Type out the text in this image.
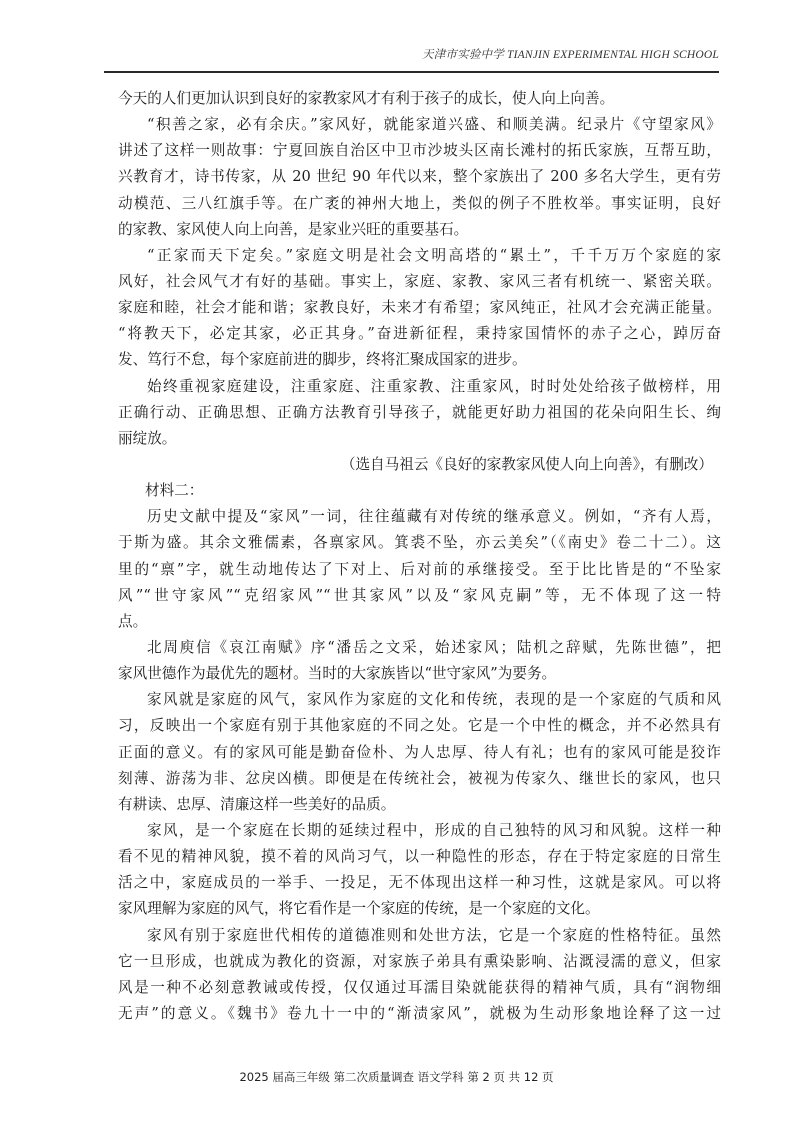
天津市实验中学 TIANJIN EXPERIMENTAL HIGH SCHOOL
今天的人们更加认识到良好的家教家风才有利于孩子的成长，使人向上向善。
“积善之家，必有余庆。”家风好，就能家道兴盛、和顺美满。纪录片《守望家风》
讲述了这样一则故事：宁夏回族自治区中卫市沙坡头区南长滩村的拓氏家族，互帮互助，
兴教育才，诗书传家，从 20 世纪 90 年代以来，整个家族出了 200 多名大学生，更有劳
动模范、三八红旗手等。在广袤的神州大地上，类似的例子不胜枚举。事实证明，良好
的家教、家风使人向上向善，是家业兴旺的重要基石。
“正家而天下定矣。”家庭文明是社会文明高塔的“累土”，千千万万个家庭的家
风好，社会风气才有好的基础。事实上，家庭、家教、家风三者有机统一、紧密关联。
家庭和睦，社会才能和谐；家教良好，未来才有希望；家风纯正，社风才会充满正能量。
“将教天下，必定其家，必正其身。”奋进新征程，秉持家国情怀的赤子之心，踔厉奋
发、笃行不怠，每个家庭前进的脚步，终将汇聚成国家的进步。
始终重视家庭建设，注重家庭、注重家教、注重家风，时时处处给孩子做榜样，用
正确行动、正确思想、正确方法教育引导孩子，就能更好助力祖国的花朵向阳生长、绚
丽绽放。
（选自马祖云《良好的家教家风使人向上向善》，有删改）
材料二：
历史文献中提及“家风”一词，往往蕴藏有对传统的继承意义。例如，“齐有人焉，
于斯为盛。其余文雅儒素，各禀家风。箕裘不坠，亦云美矣”（《南史》卷二十二）。这
里的“禀”字，就生动地传达了下对上、后对前的承继接受。至于比比皆是的“不坠家
风”“世守家风”“克绍家风”“世其家风”以及“家风克嗣”等，无不体现了这一特
点。
北周庾信《哀江南赋》序“潘岳之文采，始述家风；陆机之辞赋，先陈世德”，把
家风世德作为最优先的题材。当时的大家族皆以“世守家风”为要务。
家风就是家庭的风气，家风作为家庭的文化和传统，表现的是一个家庭的气质和风
习，反映出一个家庭有别于其他家庭的不同之处。它是一个中性的概念，并不必然具有
正面的意义。有的家风可能是勤奋俭朴、为人忠厚、待人有礼；也有的家风可能是狡诈
刻薄、游荡为非、忿戾凶横。即便是在传统社会，被视为传家久、继世长的家风，也只
有耕读、忠厚、清廉这样一些美好的品质。
家风，是一个家庭在长期的延续过程中，形成的自己独特的风习和风貌。这样一种
看不见的精神风貌，摸不着的风尚习气，以一种隐性的形态，存在于特定家庭的日常生
活之中，家庭成员的一举手、一投足，无不体现出这样一种习性，这就是家风。可以将
家风理解为家庭的风气，将它看作是一个家庭的传统，是一个家庭的文化。
家风有别于家庭世代相传的道德准则和处世方法，它是一个家庭的性格特征。虽然
它一旦形成，也就成为教化的资源，对家族子弟具有熏染影响、沾溉浸濡的意义，但家
风是一种不必刻意教诫或传授，仅仅通过耳濡目染就能获得的精神气质，具有“润物细
无声”的意义。《魏书》卷九十一中的“渐渍家风”，就极为生动形象地诠释了这一过
2025 届高三年级 第二次质量调查 语文学科 第 2 页 共 12 页
